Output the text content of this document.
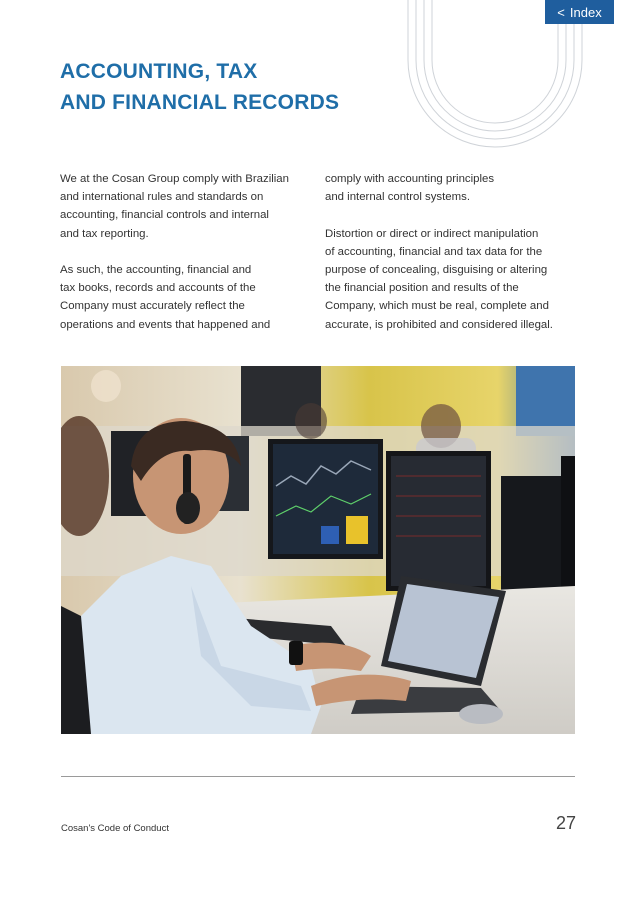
< Index
ACCOUNTING, TAX
AND FINANCIAL RECORDS

We at the Cosan Group comply with Brazilian
and international rules and standards on
accounting, financial controls and internal
and tax reporting.

As such, the accounting, financial and
tax books, records and accounts of the
Company must accurately reflect the
operations and events that happened and

comply with accounting principles
and internal control systems.

Distortion or direct or indirect manipulation
of accounting, financial and tax data for the
purpose of concealing, disguising or altering
the financial position and results of the
Company, which must be real, complete and
accurate, is prohibited and considered illegal.

Cosan's Code of Conduct	27
